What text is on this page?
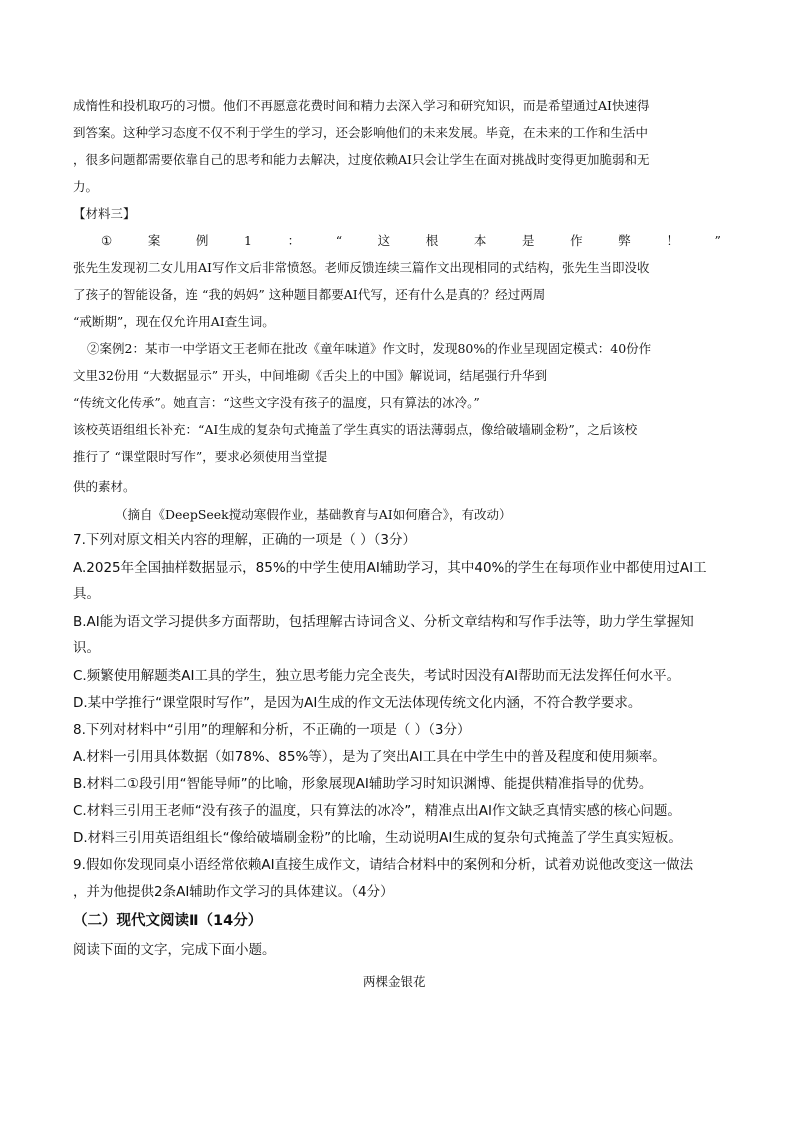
成惰性和投机取巧的习惯。他们不再愿意花费时间和精力去深入学习和研究知识，而是希望通过AI快速得
到答案。这种学习态度不仅不利于学生的学习，还会影响他们的未来发展。毕竟，在未来的工作和生活中
，很多问题都需要依靠自己的思考和能力去解决，过度依赖AI只会让学生在面对挑战时变得更加脆弱和无
力。
【材料三】
①	案	例	1	：	“	这	根	本	是	作	弊	！	”
张先生发现初二女儿用AI写作文后非常愤怒。老师反馈连续三篇作文出现相同的式结构，张先生当即没收
了孩子的智能设备，连 “我的妈妈” 这种题目都要AI代写，还有什么是真的？经过两周
“戒断期”，现在仅允许用AI查生词。
②案例2：某市一中学语文王老师在批改《童年味道》作文时，发现80%的作业呈现固定模式：40份作
文里32份用 “大数据显示” 开头，中间堆砌《舌尖上的中国》解说词，结尾强行升华到
“传统文化传承”。她直言：“这些文字没有孩子的温度，只有算法的冰冷。”
该校英语组组长补充：“AI生成的复杂句式掩盖了学生真实的语法薄弱点，像给破墙刷金粉”，之后该校
推行了 “课堂限时写作”，要求必须使用当堂提
供的素材。
（摘自《DeepSeek搅动寒假作业，基础教育与AI如何磨合》，有改动）
7.下列对原文相关内容的理解，正确的一项是（ ）（3分）
A.2025年全国抽样数据显示，85%的中学生使用AI辅助学习，其中40%的学生在每项作业中都使用过AI工
具。
B.AI能为语文学习提供多方面帮助，包括理解古诗词含义、分析文章结构和写作手法等，助力学生掌握知
识。
C.频繁使用解题类AI工具的学生，独立思考能力完全丧失，考试时因没有AI帮助而无法发挥任何水平。
D.某中学推行“课堂限时写作”，是因为AI生成的作文无法体现传统文化内涵，不符合教学要求。
8.下列对材料中“引用”的理解和分析，不正确的一项是（ ）（3分）
A.材料一引用具体数据（如78%、85%等），是为了突出AI工具在中学生中的普及程度和使用频率。
B.材料二①段引用“智能导师”的比喻，形象展现AI辅助学习时知识渊博、能提供精准指导的优势。
C.材料三引用王老师“没有孩子的温度，只有算法的冰冷”，精准点出AI作文缺乏真情实感的核心问题。
D.材料三引用英语组组长“像给破墙刷金粉”的比喻，生动说明AI生成的复杂句式掩盖了学生真实短板。
9.假如你发现同桌小语经常依赖AI直接生成作文，请结合材料中的案例和分析，试着劝说他改变这一做法
，并为他提供2条AI辅助作文学习的具体建议。（4分）
（二）现代文阅读Ⅱ（14分）
阅读下面的文字，完成下面小题。
两棵金银花
